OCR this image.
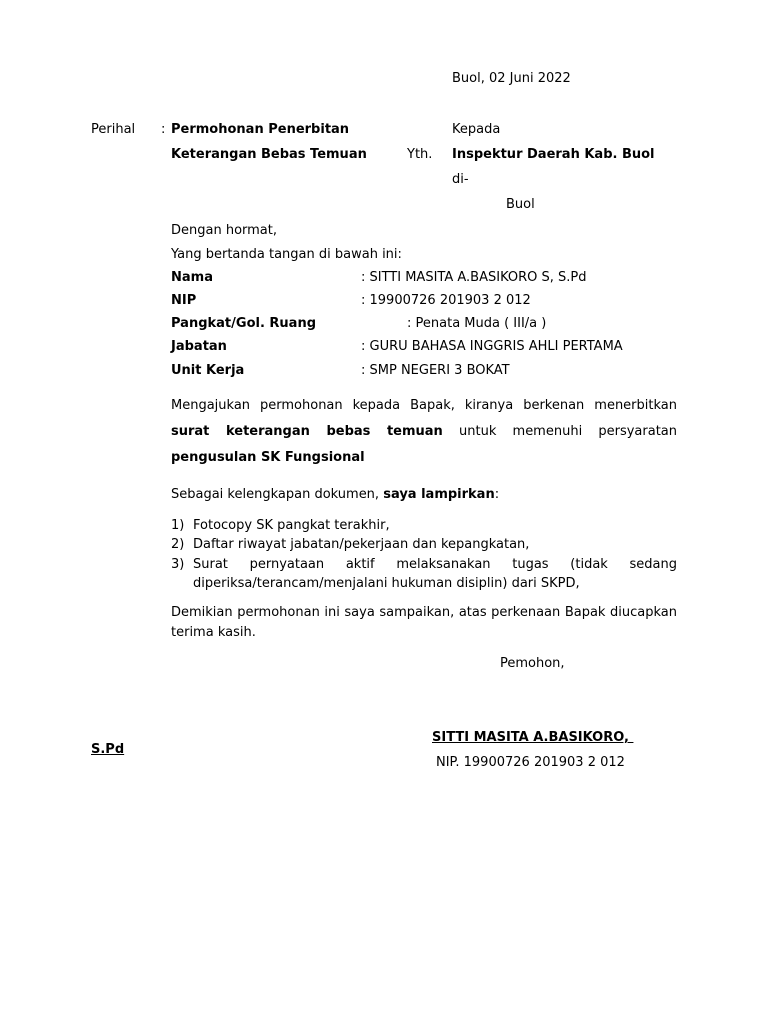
Buol, 02 Juni 2022
Perihal : Permohonan Penerbitan
Keterangan Bebas Temuan
Kepada
Yth. Inspektur Daerah Kab. Buol
di-
Buol
Dengan hormat,
Yang bertanda tangan di bawah ini:
Nama	: SITTI MASITA A.BASIKORO S, S.Pd
NIP	: 19900726 201903 2 012
Pangkat/Gol. Ruang	: Penata Muda ( III/a )
Jabatan	: GURU BAHASA INGGRIS AHLI PERTAMA
Unit Kerja	: SMP NEGERI 3 BOKAT
Mengajukan permohonan kepada Bapak, kiranya berkenan menerbitkan surat keterangan bebas temuan untuk memenuhi persyaratan pengusulan SK Fungsional
Sebagai kelengkapan dokumen, saya lampirkan:
1) Fotocopy SK pangkat terakhir,
2) Daftar riwayat jabatan/pekerjaan dan kepangkatan,
3) Surat pernyataan aktif melaksanakan tugas (tidak sedang diperiksa/terancam/menjalani hukuman disiplin) dari SKPD,
Demikian permohonan ini saya sampaikan, atas perkenaan Bapak diucapkan terima kasih.
Pemohon,
SITTI MASITA A.BASIKORO,
S.Pd
NIP. 19900726 201903 2 012
